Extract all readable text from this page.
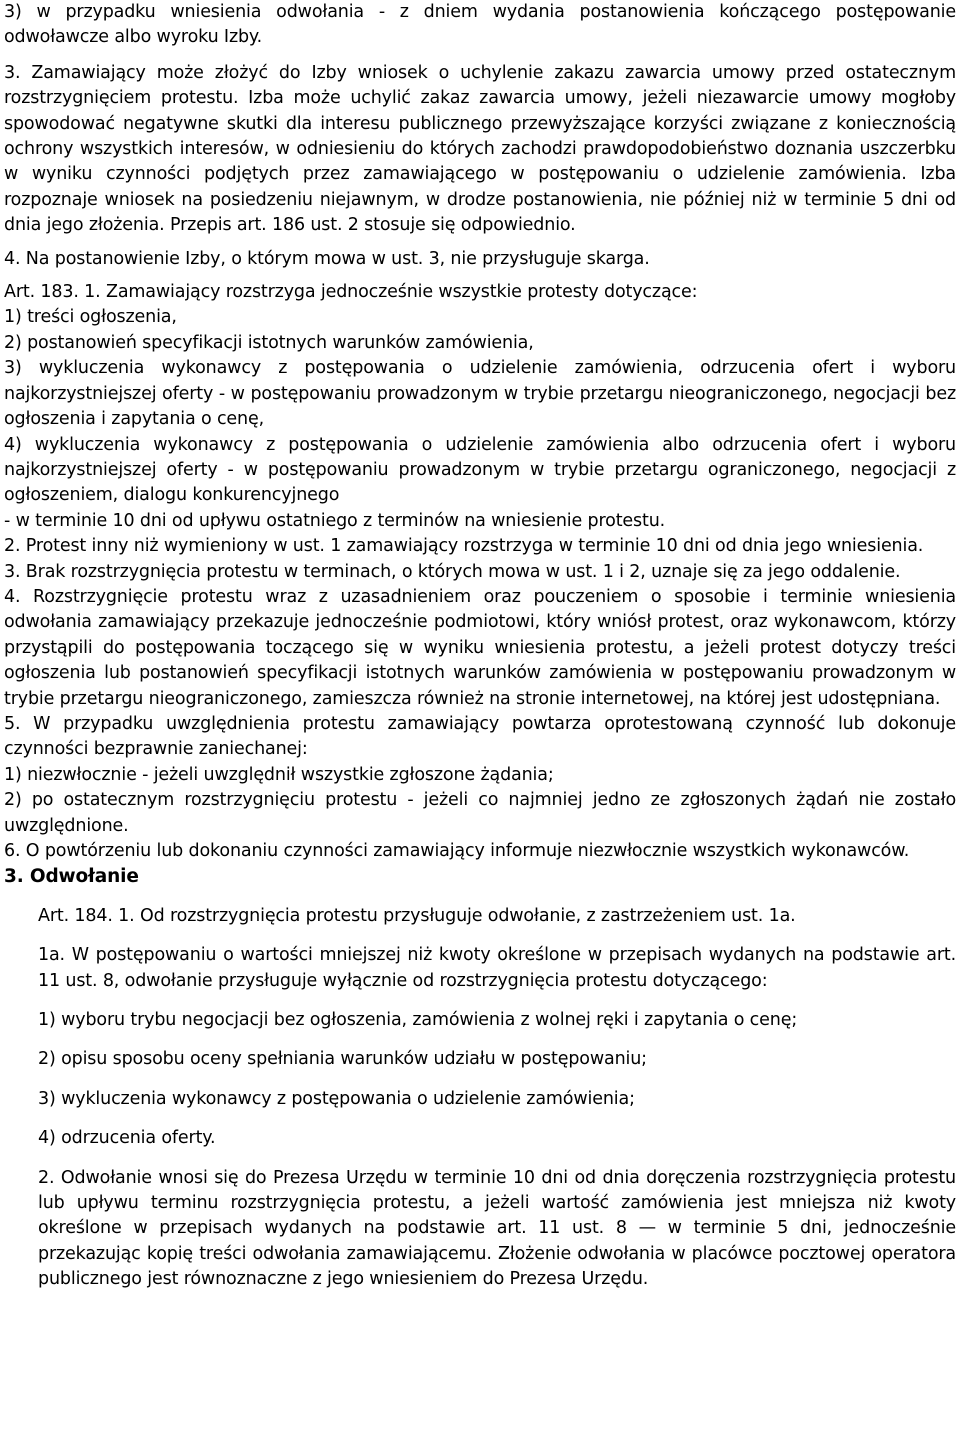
3) w przypadku wniesienia odwołania - z dniem wydania postanowienia kończącego postępowanie odwoławcze albo wyroku Izby.

3. Zamawiający może złożyć do Izby wniosek o uchylenie zakazu zawarcia umowy przed ostatecznym rozstrzygnięciem protestu. Izba może uchylić zakaz zawarcia umowy, jeżeli niezawarcie umowy mogłoby spowodować negatywne skutki dla interesu publicznego przewyższające korzyści związane z koniecznością ochrony wszystkich interesów, w odniesieniu do których zachodzi prawdopodobieństwo doznania uszczerbku w wyniku czynności podjętych przez zamawiającego w postępowaniu o udzielenie zamówienia. Izba rozpoznaje wniosek na posiedzeniu niejawnym, w drodze postanowienia, nie później niż w terminie 5 dni od dnia jego złożenia. Przepis art. 186 ust. 2 stosuje się odpowiednio.

4. Na postanowienie Izby, o którym mowa w ust. 3, nie przysługuje skarga.

Art. 183. 1. Zamawiający rozstrzyga jednocześnie wszystkie protesty dotyczące:

1) treści ogłoszenia,

2) postanowień specyfikacji istotnych warunków zamówienia,

3) wykluczenia wykonawcy z postępowania o udzielenie zamówienia, odrzucenia ofert i wyboru najkorzystniejszej oferty - w postępowaniu prowadzonym w trybie przetargu nieograniczonego, negocjacji bez ogłoszenia i zapytania o cenę,

4) wykluczenia wykonawcy z postępowania o udzielenie zamówienia albo odrzucenia ofert i wyboru najkorzystniejszej oferty - w postępowaniu prowadzonym w trybie przetargu ograniczonego, negocjacji z ogłoszeniem, dialogu konkurencyjnego

- w terminie 10 dni od upływu ostatniego z terminów na wniesienie protestu.

2. Protest inny niż wymieniony w ust. 1 zamawiający rozstrzyga w terminie 10 dni od dnia jego wniesienia.

3. Brak rozstrzygnięcia protestu w terminach, o których mowa w ust. 1 i 2, uznaje się za jego oddalenie.

4. Rozstrzygnięcie protestu wraz z uzasadnieniem oraz pouczeniem o sposobie i terminie wniesienia odwołania zamawiający przekazuje jednocześnie podmiotowi, który wniósł protest, oraz wykonawcom, którzy przystąpili do postępowania toczącego się w wyniku wniesienia protestu, a jeżeli protest dotyczy treści ogłoszenia lub postanowień specyfikacji istotnych warunków zamówienia w postępowaniu prowadzonym w trybie przetargu nieograniczonego, zamieszcza również na stronie internetowej, na której jest udostępniana.

5. W przypadku uwzględnienia protestu zamawiający powtarza oprotestowaną czynność lub dokonuje czynności bezprawnie zaniechanej:

1) niezwłocznie - jeżeli uwzględnił wszystkie zgłoszone żądania;

2) po ostatecznym rozstrzygnięciu protestu - jeżeli co najmniej jedno ze zgłoszonych żądań nie zostało uwzględnione.

6. O powtórzeniu lub dokonaniu czynności zamawiający informuje niezwłocznie wszystkich wykonawców.

3. Odwołanie

Art. 184. 1. Od rozstrzygnięcia protestu przysługuje odwołanie, z zastrzeżeniem ust. 1a.

1a. W postępowaniu o wartości mniejszej niż kwoty określone w przepisach wydanych na podstawie art. 11 ust. 8, odwołanie przysługuje wyłącznie od rozstrzygnięcia protestu dotyczącego:

1) wyboru trybu negocjacji bez ogłoszenia, zamówienia z wolnej ręki i zapytania o cenę;

2) opisu sposobu oceny spełniania warunków udziału w postępowaniu;

3) wykluczenia wykonawcy z postępowania o udzielenie zamówienia;

4) odrzucenia oferty.

2. Odwołanie wnosi się do Prezesa Urzędu w terminie 10 dni od dnia doręczenia rozstrzygnięcia protestu lub upływu terminu rozstrzygnięcia protestu, a jeżeli wartość zamówienia jest mniejsza niż kwoty określone w przepisach wydanych na podstawie art. 11 ust. 8 — w terminie 5 dni, jednocześnie przekazując kopię treści odwołania zamawiającemu. Złożenie odwołania w placówce pocztowej operatora publicznego jest równoznaczne z jego wniesieniem do Prezesa Urzędu.
